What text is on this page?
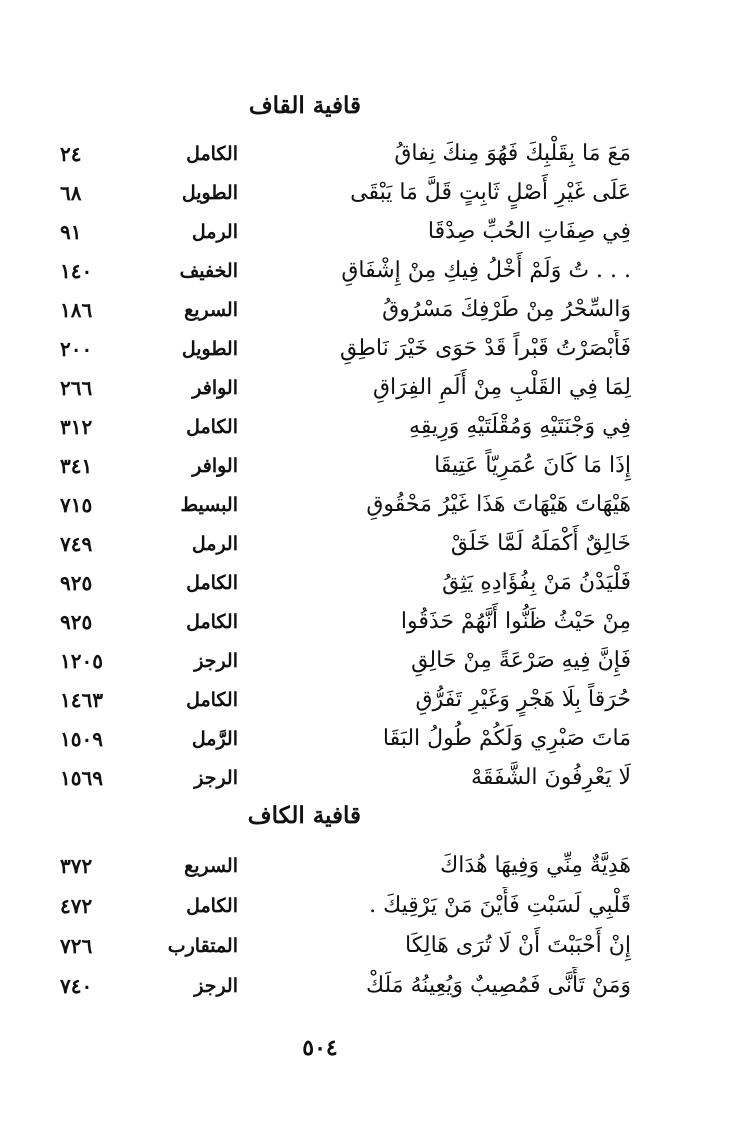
قافية القاف
مَعَ مَا بِقَلْبِكَ فَهُوَ مِنكَ نِفاقُ
الكامل
٢٤
عَلَى غَيْرِ أَصْلٍ ثَابِتٍ قَلَّ مَا يَبْقَى
الطويل
٦٨
فِي صِفَاتِ الحُبِّ صِدْقَا
الرمل
٩١
. . . تُ وَلَمْ أَخْلُ فِيكِ مِنْ إِشْفَاقِ
الخفيف
١٤٠
وَالسِّحْرُ مِنْ طَرْفِكَ مَسْرُوقُ
السريع
١٨٦
فَأَبْصَرْتُ قَبْراً قَدْ حَوَى خَيْرَ نَاطِقِ
الطويل
٢٠٠
لِمَا فِي القَلْبِ مِنْ أَلَمِ الفِرَاقِ
الوافر
٢٦٦
فِي وَجْنَتَيْهِ وَمُقْلَتَيْهِ وَرِيقِهِ
الكامل
٣١٢
إِذَا مَا كَانَ عُمَرِيّاً عَتِيقَا
الوافر
٣٤١
هَيْهَاتَ هَيْهَاتَ هَذَا غَيْرُ مَحْقُوقِ
البسيط
٧١٥
خَالِقٌ أَكْمَلَهُ لَمَّا خَلَقْ
الرمل
٧٤٩
فَلْيَدْنُ مَنْ بِفُؤَادِهِ يَثِقُ
الكامل
٩٢٥
مِنْ حَيْثُ ظَنُّوا أَنَّهُمْ حَذَقُوا
الكامل
٩٢٥
فَإِنَّ فِيهِ صَرْعَةً مِنْ حَالِقِ
الرجز
١٢٠٥
حُرَقاً بِلَا هَجْرٍ وَغَيْرِ تَفَرُّقِ
الكامل
١٤٦٣
مَاتَ صَبْرِي وَلَكُمْ طُولُ البَقَا
الرَّمل
١٥٠٩
لَا يَعْرِفُونَ الشَّفَقَهْ
الرجز
١٥٦٩
قافية الكاف
هَدِيَّةٌ مِنِّي وَفِيهَا هُدَاكَ
السريع
٣٧٢
قَلْبِي لَسَبْتِ فَأَيْنَ مَنْ يَرْقِيكَ .
الكامل
٤٧٢
إِنْ أَحْبَبْتَ أَنْ لَا تُرَى هَالِكَا
المتقارب
٧٢٦
وَمَنْ تَأَنَّى فَمُصِيبٌ وَيُعِينُهُ مَلَكْ
الرجز
٧٤٠
٥٠٤
